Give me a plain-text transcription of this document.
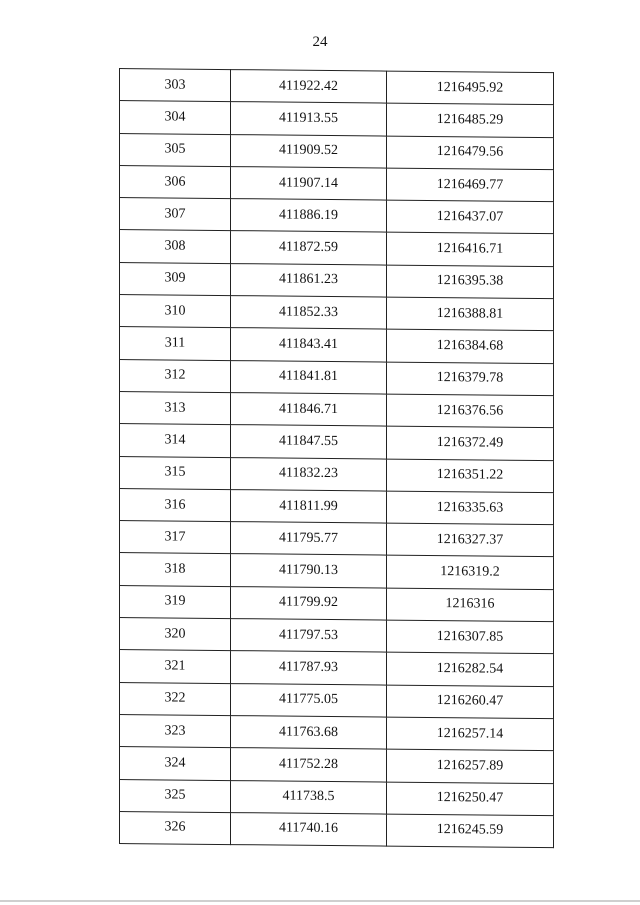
24
303	411922.42	1216495.92
304	411913.55	1216485.29
305	411909.52	1216479.56
306	411907.14	1216469.77
307	411886.19	1216437.07
308	411872.59	1216416.71
309	411861.23	1216395.38
310	411852.33	1216388.81
311	411843.41	1216384.68
312	411841.81	1216379.78
313	411846.71	1216376.56
314	411847.55	1216372.49
315	411832.23	1216351.22
316	411811.99	1216335.63
317	411795.77	1216327.37
318	411790.13	1216319.2
319	411799.92	1216316
320	411797.53	1216307.85
321	411787.93	1216282.54
322	411775.05	1216260.47
323	411763.68	1216257.14
324	411752.28	1216257.89
325	411738.5	1216250.47
326	411740.16	1216245.59
